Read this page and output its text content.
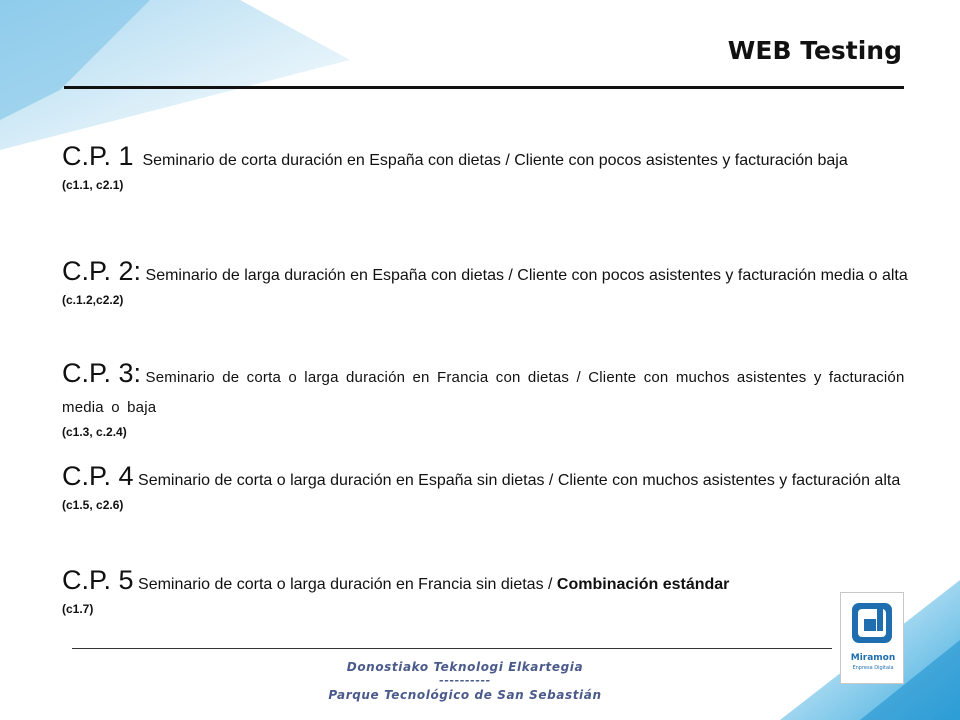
WEB Testing
C.P. 1 Seminario de corta duración en España con dietas / Cliente con pocos asistentes y facturación baja
(c1.1, c2.1)
C.P. 2: Seminario de larga duración en España con dietas / Cliente con pocos asistentes y facturación media o alta
(c.1.2,c2.2)
C.P. 3: Seminario de corta o larga duración en Francia con dietas / Cliente con muchos asistentes y facturación media o baja
(c1.3, c.2.4)
C.P. 4 Seminario de corta o larga duración en España sin dietas / Cliente con muchos asistentes y facturación alta
(c1.5, c2.6)
C.P. 5 Seminario de corta o larga duración en Francia sin dietas / Combinación estándar
(c1.7)
Donostiako Teknologi Elkartegia
----------
Parque Tecnológico de San Sebastián
Miramon
Enpresa Digitala
